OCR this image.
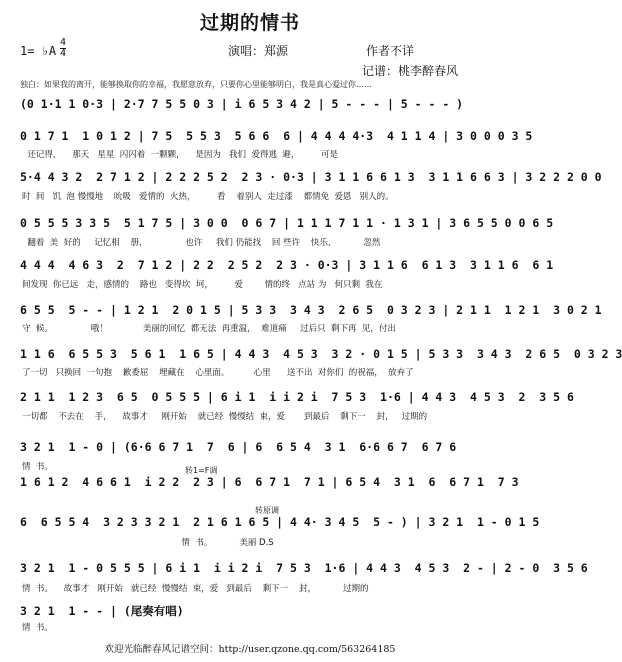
过期的情书
1= ♭A
4
4	演唱：郑源	作者不详
记谱：桃李醉春风
独白：如果我的离开，能够换取你的幸福，我愿意放弃，只要你心里能够明白，我是真心爱过你……
(0 1·1 1 0·3 | 2·7 7 5 5 0 3 | i 6 5 3 4 2 | 5 - - - | 5 - - - )
0 1 7 1  1 0 1 2 | 7 5  5 5 3  5 6 6  6 | 4 4 4 4·3  4 1 1 4 | 3 0 0 0 3 5
还记得，    那天   星星  闪闪着  一颗颗，    是因为   我们  爱得逃  避，        可是
5·4 4 3 2  2 7 1 2 | 2 2 2 5 2  2 3 · 0·3 | 3 1 1 6 6 1 3  3 1 1 6 6 3 | 3 2 2 2 0 0
时  间   饥  泡 慢慢地    吮吸   爱情的  火热，        看    着别人  走过漆    都情免  爱恩   别人的。
0 5 5 5 3 3 5  5 1 7 5 | 3 0 0  0 6 7 | 1 1 1 7 1 1 · 1 3 1 | 3 6 5 5 0 0 6 5
翻着  美  好的     记忆相    册，              也许     我们 仍能找    回 些许    快乐，          忽然
4 4 4  4 6 3  2  7 1 2 | 2 2  2 5 2  2 3 · 0·3 | 3 1 1 6  6 1 3  3 1 1 6  6 1
间发现  你已远   走，感情的    路也   变得坎  坷，        爱        情的终   点站 为   何只剩  我在
6 5 5  5 - - | 1 2 1  2 0 1 5 | 5 3 3  3 4 3  2 6 5  0 3 2 3 | 2 1 1  1 2 1  3 0 2 1
守  候。              哦！             美丽的回忆  都无法  再重温，  难道痛     过后只  剩下再  见，付出
1 1 6  6 5 5 3  5 6 1  1 6 5 | 4 4 3  4 5 3  3 2 · 0 1 5 | 5 3 3  3 4 3  2 6 5  0 3 2 3
了一切   只换回  一句抱    歉委屈    埋藏在    心里面。         心里      送不出  对你们  的祝福，  放弃了
2 1 1  1 2 3  6 5  0 5 5 5 | 6 i 1  i i 2 i  7 5 3  1·6 | 4 4 3  4 5 3  2  3 5 6
一切都    不去在    手，    故事才     刚开始    就已经  慢慢结  束，爱       到最后    剩下一    封，   过期的
3 2 1  1 - 0 | (6·6 6 7 1  7  6 | 6  6 5 4  3 1  6·6 6 7  6 7 6
情  书。	转1=F调
1 6 1 2  4 6 6 1  i 2 2  2 3 | 6  6 7 1  7 1 | 6 5 4  3 1  6  6 7 1  7 3
转原调
6  6 5 5 4  3 2 3 3 2 1  2 1 6 1 6 5 | 4 4· 3 4 5  5 - ) | 3 2 1  1 - 0 1 5
情  书。          美丽 D.S
3 2 1  1 - 0 5 5 5 | 6 i 1  i i 2 i  7 5 3  1·6 | 4 4 3  4 5 3  2 - | 2 - 0  3 5 6
情  书。    故事才   刚开始   就已经  慢慢结  束，爱   到最后    剩下一    封，          过期的
3 2 1  1 - - | (尾奏有唱)
情  书。
欢迎光临醉春风记谱空间：http://user.qzone.qq.com/563264185
